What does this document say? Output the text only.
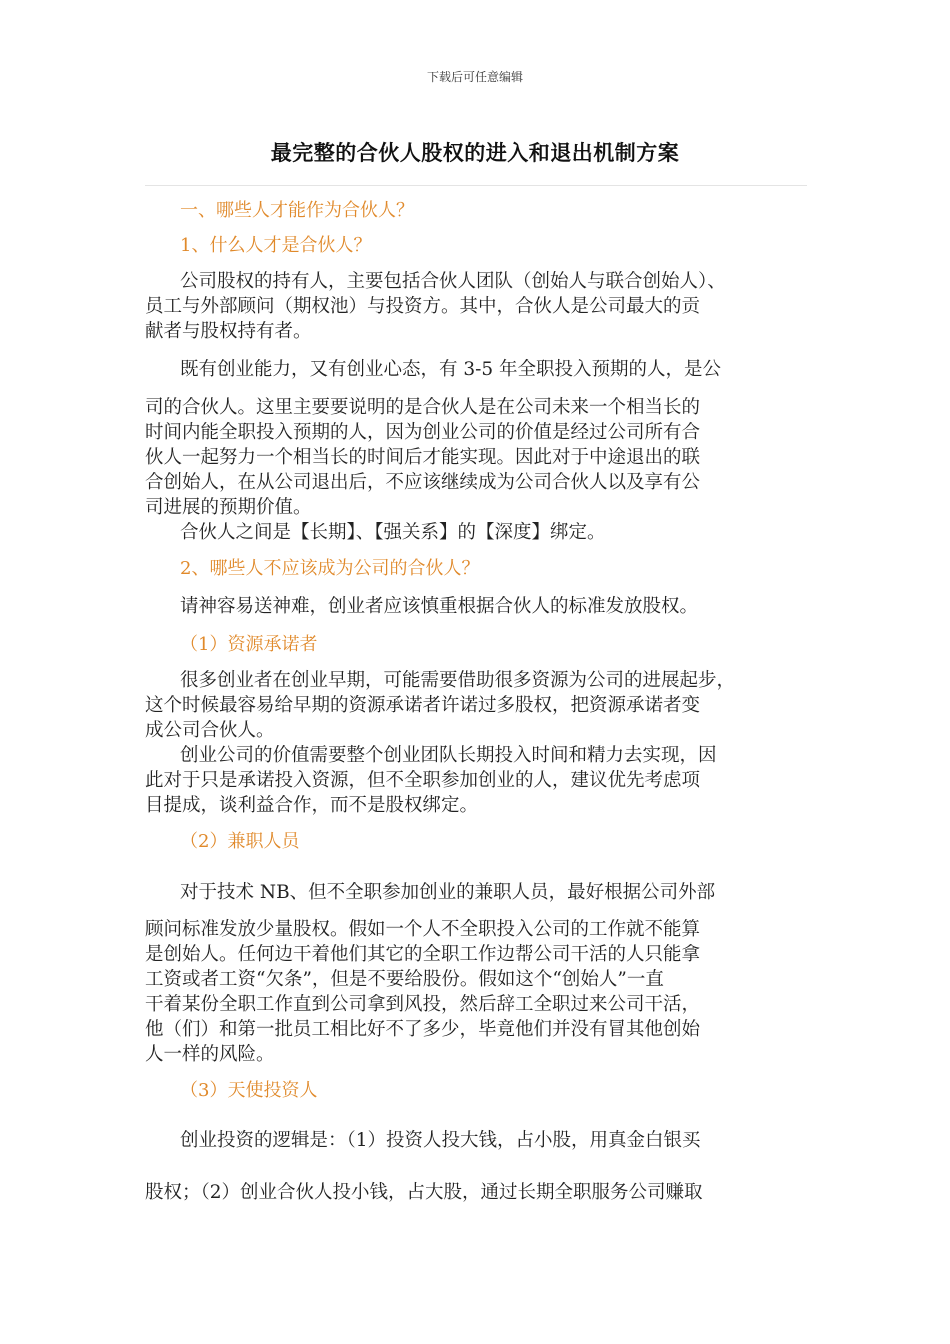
下载后可任意编辑
最完整的合伙人股权的进入和退出机制方案

一、哪些人才能作为合伙人？

1、什么人才是合伙人？

公司股权的持有人，主要包括合伙人团队（创始人与联合创始人）、
员工与外部顾问（期权池）与投资方。其中，合伙人是公司最大的贡
献者与股权持有者。

既有创业能力，又有创业心态，有 3-5 年全职投入预期的人，是公

司的合伙人。这里主要要说明的是合伙人是在公司未来一个相当长的
时间内能全职投入预期的人，因为创业公司的价值是经过公司所有合
伙人一起努力一个相当长的时间后才能实现。因此对于中途退出的联
合创始人，在从公司退出后，不应该继续成为公司合伙人以及享有公
司进展的预期价值。

合伙人之间是【长期】、【强关系】的【深度】绑定。

2、哪些人不应该成为公司的合伙人？

请神容易送神难，创业者应该慎重根据合伙人的标准发放股权。

（1）资源承诺者

很多创业者在创业早期，可能需要借助很多资源为公司的进展起步，
这个时候最容易给早期的资源承诺者许诺过多股权，把资源承诺者变
成公司合伙人。

创业公司的价值需要整个创业团队长期投入时间和精力去实现，因
此对于只是承诺投入资源，但不全职参加创业的人，建议优先考虑项
目提成，谈利益合作，而不是股权绑定。

（2）兼职人员

对于技术 NB、但不全职参加创业的兼职人员，最好根据公司外部

顾问标准发放少量股权。假如一个人不全职投入公司的工作就不能算
是创始人。任何边干着他们其它的全职工作边帮公司干活的人只能拿
工资或者工资“欠条”，但是不要给股份。假如这个“创始人”一直
干着某份全职工作直到公司拿到风投，然后辞工全职过来公司干活，
他（们）和第一批员工相比好不了多少，毕竟他们并没有冒其他创始
人一样的风险。

（3）天使投资人

创业投资的逻辑是：（1）投资人投大钱，占小股，用真金白银买

股权；（2）创业合伙人投小钱，占大股，通过长期全职服务公司赚取
